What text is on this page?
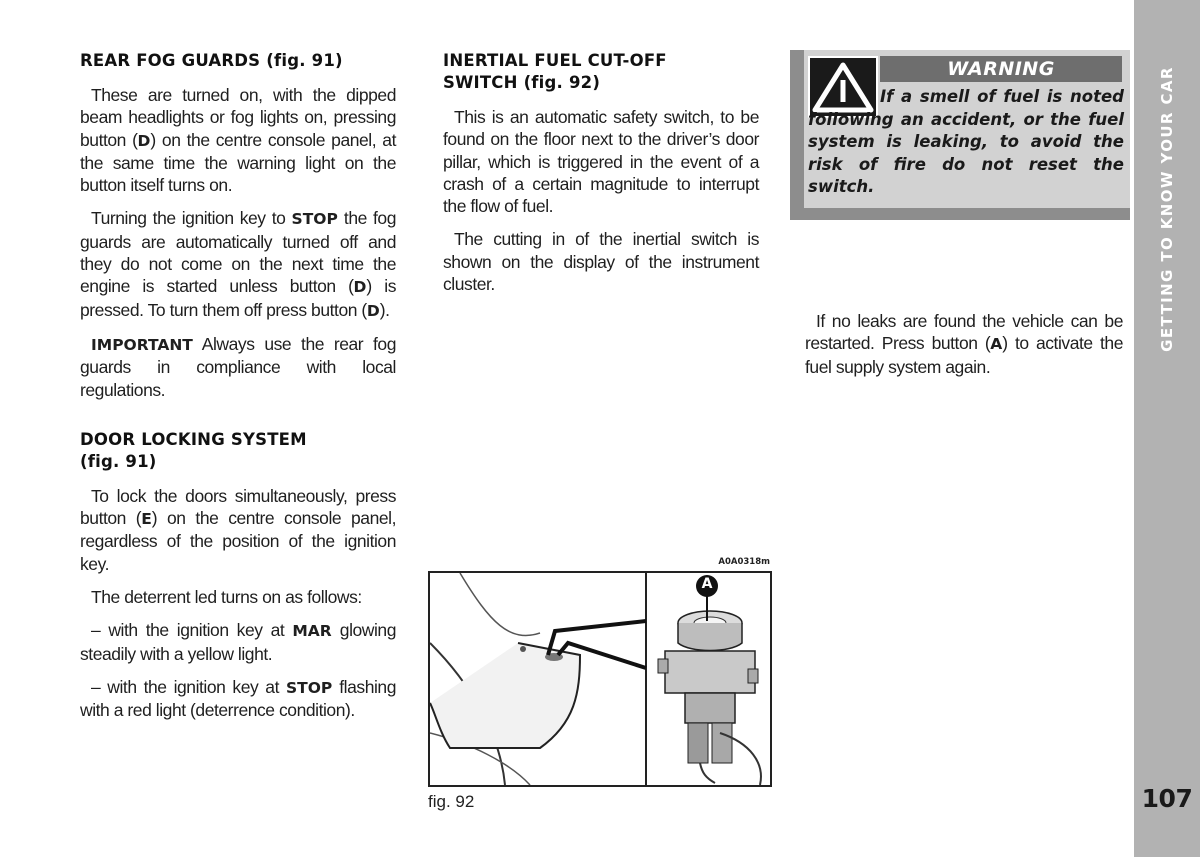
REAR FOG GUARDS (fig. 91)

These are turned on, with the dipped beam headlights or fog lights on, pressing button (D) on the centre console panel, at the same time the warning light on the button itself turns on.

Turning the ignition key to STOP the fog guards are automatically turned off and they do not come on the next time the engine is started unless button (D) is pressed. To turn them off press button (D).

IMPORTANT Always use the rear fog guards in compliance with local regulations.

DOOR LOCKING SYSTEM
(fig. 91)

To lock the doors simultaneously, press button (E) on the centre console panel, regardless of the position of the ignition key.

The deterrent led turns on as follows:

– with the ignition key at MAR glowing steadily with a yellow light.

– with the ignition key at STOP flashing with a red light (deterrence condition).

INERTIAL FUEL CUT-OFF
SWITCH (fig. 92)

This is an automatic safety switch, to be found on the floor next to the driver’s door pillar, which is triggered in the event of a crash of a certain magnitude to interrupt the flow of fuel.

The cutting in of the inertial switch is shown on the display of the instrument cluster.

WARNING
If a smell of fuel is noted following an accident, or the fuel system is leaking, to avoid the risk of fire do not reset the switch.

If no leaks are found the vehicle can be restarted. Press button (A) to activate the fuel supply system again.

A0A0318m
A
fig. 92
GETTING TO KNOW YOUR CAR
107
